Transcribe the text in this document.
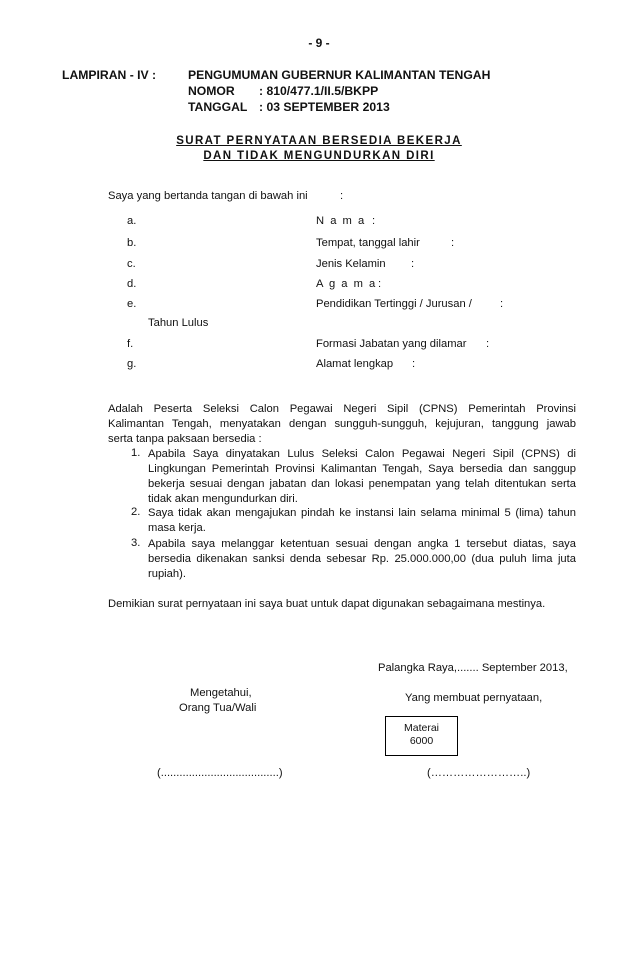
- 9 -
LAMPIRAN - IV :	PENGUMUMAN GUBERNUR KALIMANTAN TENGAH
NOMOR : 810/477.1/II.5/BKPP
TANGGAL : 03 SEPTEMBER 2013
SURAT PERNYATAAN BERSEDIA BEKERJA
DAN TIDAK MENGUNDURKAN DIRI
Saya yang bertanda tangan di bawah ini	:
a.	N a m a :
b.	Tempat, tanggal lahir	:
c.	Jenis Kelamin :
d.	A g a m a :
e.	Pendidikan Tertinggi / Jurusan /	:
Tahun Lulus
f.	Formasi Jabatan yang dilamar :
g.	Alamat lengkap :
Adalah Peserta Seleksi Calon Pegawai Negeri Sipil (CPNS) Pemerintah Provinsi
Kalimantan Tengah, menyatakan dengan sungguh-sungguh, kejujuran, tanggung jawab
serta tanpa paksaan bersedia :
1. Apabila Saya dinyatakan Lulus Seleksi Calon Pegawai Negeri Sipil (CPNS) di
Lingkungan Pemerintah Provinsi Kalimantan Tengah, Saya bersedia dan sanggup
bekerja sesuai dengan jabatan dan lokasi penempatan yang telah ditentukan serta
tidak akan mengundurkan diri.
2. Saya tidak akan mengajukan pindah ke instansi lain selama minimal 5 (lima) tahun
masa kerja.
3. Apabila saya melanggar ketentuan sesuai dengan angka 1 tersebut diatas, saya
bersedia dikenakan sanksi denda sebesar Rp. 25.000.000,00 (dua puluh lima juta
rupiah).
Demikian surat pernyataan ini saya buat untuk dapat digunakan sebagaimana mestinya.
Palangka Raya,....... September 2013,
Mengetahui,
Orang Tua/Wali
Yang membuat pernyataan,
Materai
6000
(......................................)	(……………………..)
